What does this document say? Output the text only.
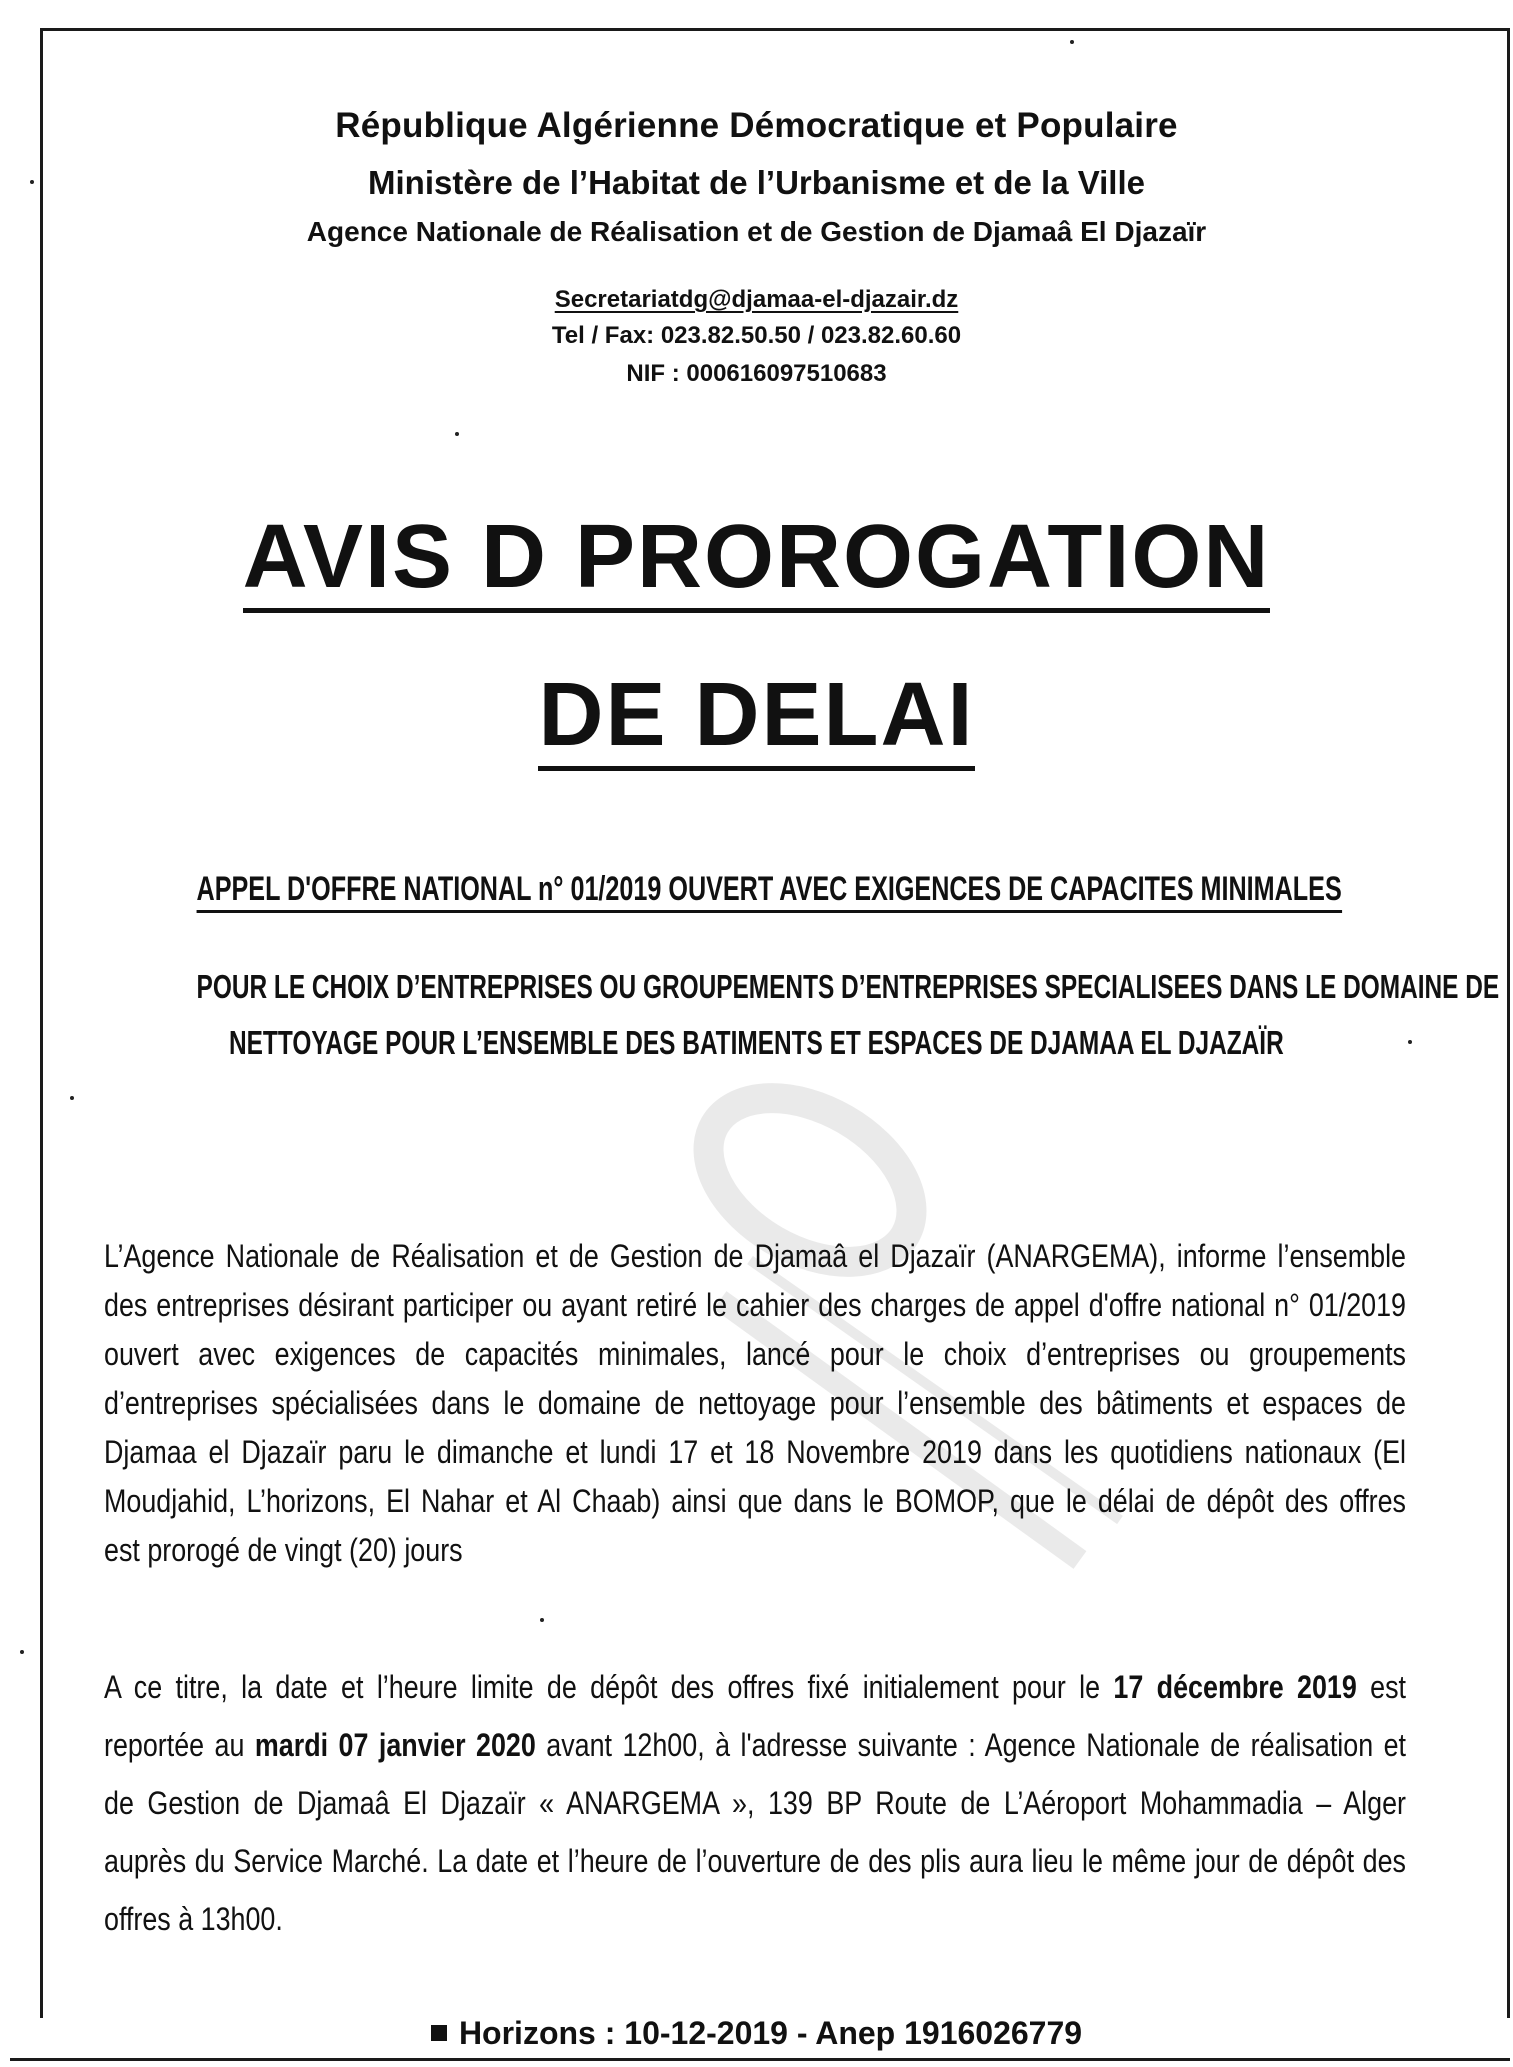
République Algérienne Démocratique et Populaire
Ministère de l’Habitat de l’Urbanisme et de la Ville
Agence Nationale de Réalisation et de Gestion de Djamaâ El Djazaïr
Secretariatdg@djamaa-el-djazair.dz
Tel / Fax: 023.82.50.50 / 023.82.60.60
NIF : 000616097510683
AVIS D PROROGATION
DE DELAI
APPEL D'OFFRE NATIONAL n° 01/2019 OUVERT AVEC EXIGENCES DE CAPACITES MINIMALES
POUR LE CHOIX D’ENTREPRISES OU GROUPEMENTS D’ENTREPRISES SPECIALISEES DANS LE DOMAINE DE
NETTOYAGE POUR L’ENSEMBLE DES BATIMENTS ET ESPACES DE DJAMAA EL DJAZAÏR
L’Agence Nationale de Réalisation et de Gestion de Djamaâ el Djazaïr (ANARGEMA), informe l’ensemble
des entreprises désirant participer ou ayant retiré le cahier des charges de appel d'offre national n° 01/2019
ouvert avec exigences de capacités minimales, lancé pour le choix d’entreprises ou groupements
d’entreprises spécialisées dans le domaine de nettoyage pour l’ensemble des bâtiments et espaces de
Djamaa el Djazaïr paru le dimanche et lundi 17 et 18 Novembre 2019 dans les quotidiens nationaux (El
Moudjahid, L’horizons, El Nahar et Al Chaab) ainsi que dans le BOMOP, que le délai de dépôt des offres
est prorogé de vingt (20) jours
A ce titre, la date et l’heure limite de dépôt des offres fixé initialement pour le 17 décembre 2019 est
reportée au mardi 07 janvier 2020 avant 12h00, à l'adresse suivante : Agence Nationale de réalisation et
de Gestion de Djamaâ El Djazaïr « ANARGEMA », 139 BP Route de L’Aéroport Mohammadia – Alger
auprès du Service Marché. La date et l’heure de l’ouverture de des plis aura lieu le même jour de dépôt des
offres à 13h00.
Horizons : 10-12-2019 - Anep 1916026779
